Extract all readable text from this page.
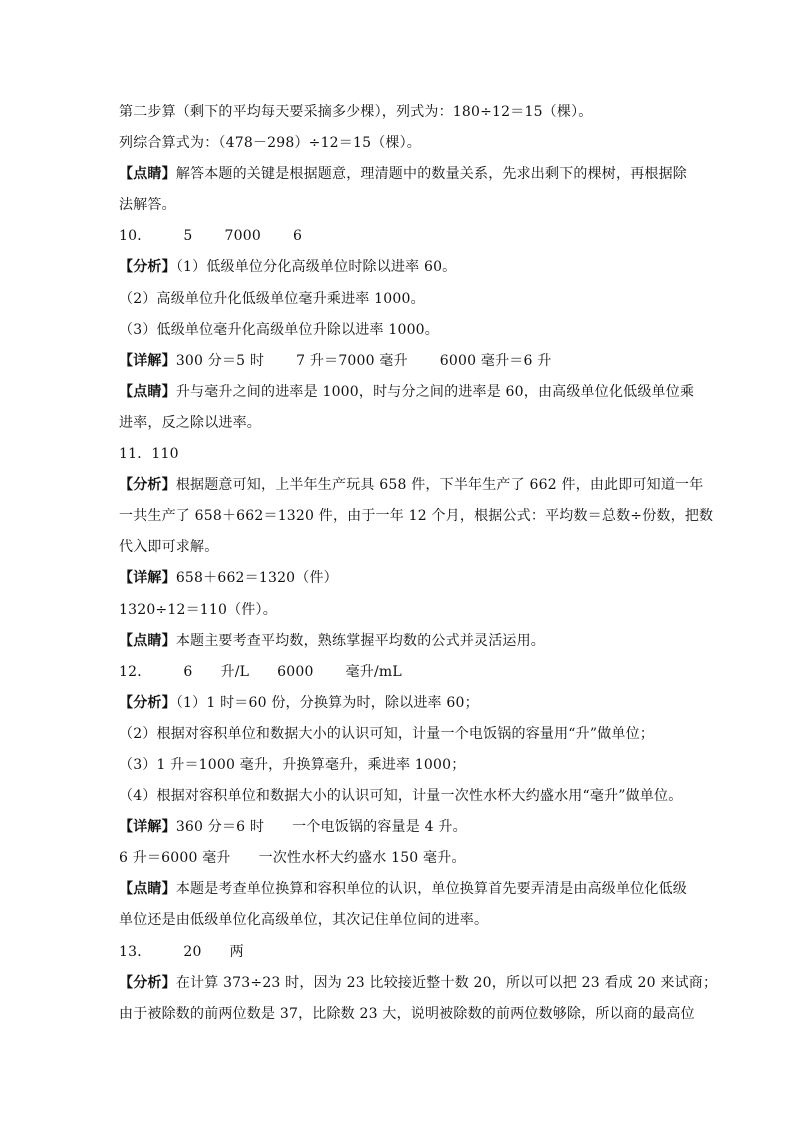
第二步算（剩下的平均每天要采摘多少棵），列式为：180÷12＝15（棵）。
列综合算式为：（478－298）÷12＝15（棵）。
【点睛】解答本题的关键是根据题意，理清题中的数量关系，先求出剩下的棵树，再根据除
法解答。
10． 5 7000 6
【分析】（1）低级单位分化高级单位时除以进率 60。
（2）高级单位升化低级单位毫升乘进率 1000。
（3）低级单位毫升化高级单位升除以进率 1000。
【详解】300 分＝5 时 7 升＝7000 毫升 6000 毫升＝6 升
【点睛】升与毫升之间的进率是 1000，时与分之间的进率是 60，由高级单位化低级单位乘
进率，反之除以进率。
11．110
【分析】根据题意可知，上半年生产玩具 658 件，下半年生产了 662 件，由此即可知道一年
一共生产了 658＋662＝1320 件，由于一年 12 个月，根据公式：平均数＝总数÷份数，把数
代入即可求解。
【详解】658＋662＝1320（件）
1320÷12＝110（件）。
【点睛】本题主要考查平均数，熟练掌握平均数的公式并灵活运用。
12． 6 升/L 6000 毫升/mL
【分析】（1）1 时＝60 份，分换算为时，除以进率 60；
（2）根据对容积单位和数据大小的认识可知，计量一个电饭锅的容量用“升”做单位；
（3）1 升＝1000 毫升，升换算毫升，乘进率 1000；
（4）根据对容积单位和数据大小的认识可知，计量一次性水杯大约盛水用“毫升”做单位。
【详解】360 分＝6 时 一个电饭锅的容量是 4 升。
6 升＝6000 毫升 一次性水杯大约盛水 150 毫升。
【点睛】本题是考查单位换算和容积单位的认识，单位换算首先要弄清是由高级单位化低级
单位还是由低级单位化高级单位，其次记住单位间的进率。
13． 20 两
【分析】在计算 373÷23 时，因为 23 比较接近整十数 20，所以可以把 23 看成 20 来试商；
由于被除数的前两位数是 37，比除数 23 大，说明被除数的前两位数够除，所以商的最高位
